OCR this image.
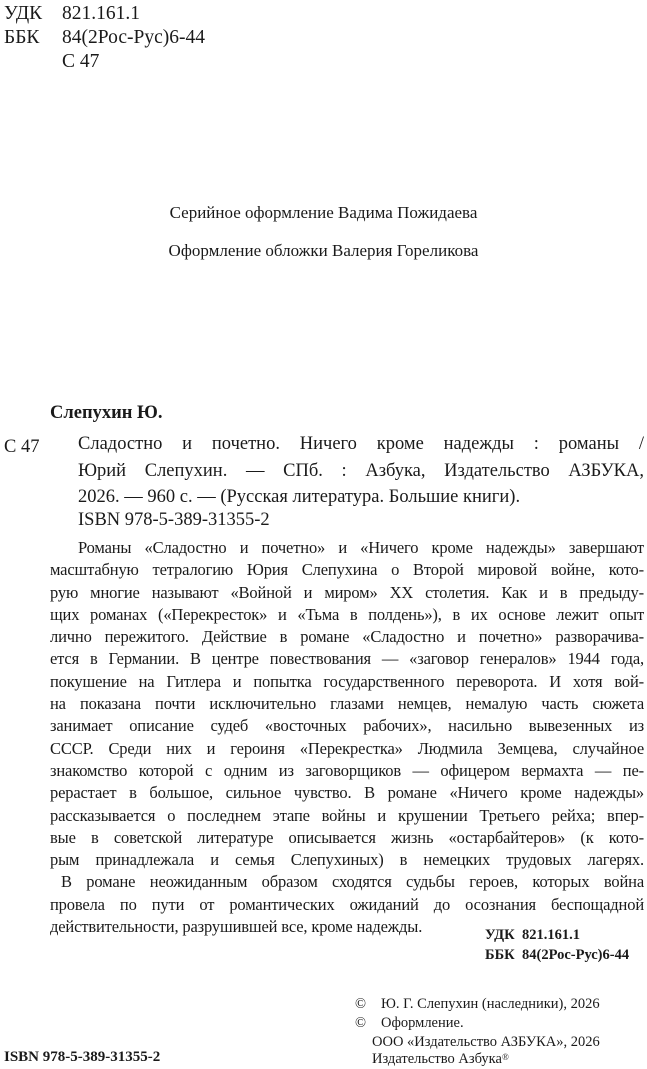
УДК 821.161.1
ББК 84(2Рос-Рус)6-44
С 47
Серийное оформление Вадима Пожидаева
Оформление обложки Валерия Гореликова
Слепухин Ю.
С 47 Сладостно и почетно. Ничего кроме надежды : романы /
Юрий Слепухин. — СПб. : Азбука, Издательство АЗБУКА,
2026. — 960 с. — (Русская литература. Большие книги).
ISBN 978-5-389-31355-2
Романы «Сладостно и почетно» и «Ничего кроме надежды» завершают
масштабную тетралогию Юрия Слепухина о Второй мировой войне, кото-
рую многие называют «Войной и миром» XX столетия. Как и в предыду-
щих романах («Перекресток» и «Тьма в полдень»), в их основе лежит опыт
лично пережитого. Действие в романе «Сладостно и почетно» разворачива-
ется в Германии. В центре повествования — «заговор генералов» 1944 года,
покушение на Гитлера и попытка государственного переворота. И хотя вой-
на показана почти исключительно глазами немцев, немалую часть сюжета
занимает описание судеб «восточных рабочих», насильно вывезенных из
СССР. Среди них и героиня «Перекрестка» Людмила Земцева, случайное
знакомство которой с одним из заговорщиков — офицером вермахта — пе-
рерастает в большое, сильное чувство. В романе «Ничего кроме надежды»
рассказывается о последнем этапе войны и крушении Третьего рейха; впер-
вые в советской литературе описывается жизнь «остарбайтеров» (к кото-
рым принадлежала и семья Слепухиных) в немецких трудовых лагерях.
В романе неожиданным образом сходятся судьбы героев, которых война
провела по пути от романтических ожиданий до осознания беспощадной
действительности, разрушившей все, кроме надежды.	УДК 821.161.1
ББК 84(2Рос-Рус)6-44
© Ю. Г. Слепухин (наследники), 2026
© Оформление.
ООО «Издательство АЗБУКА», 2026
Издательство Азбука®
ISBN 978-5-389-31355-2
